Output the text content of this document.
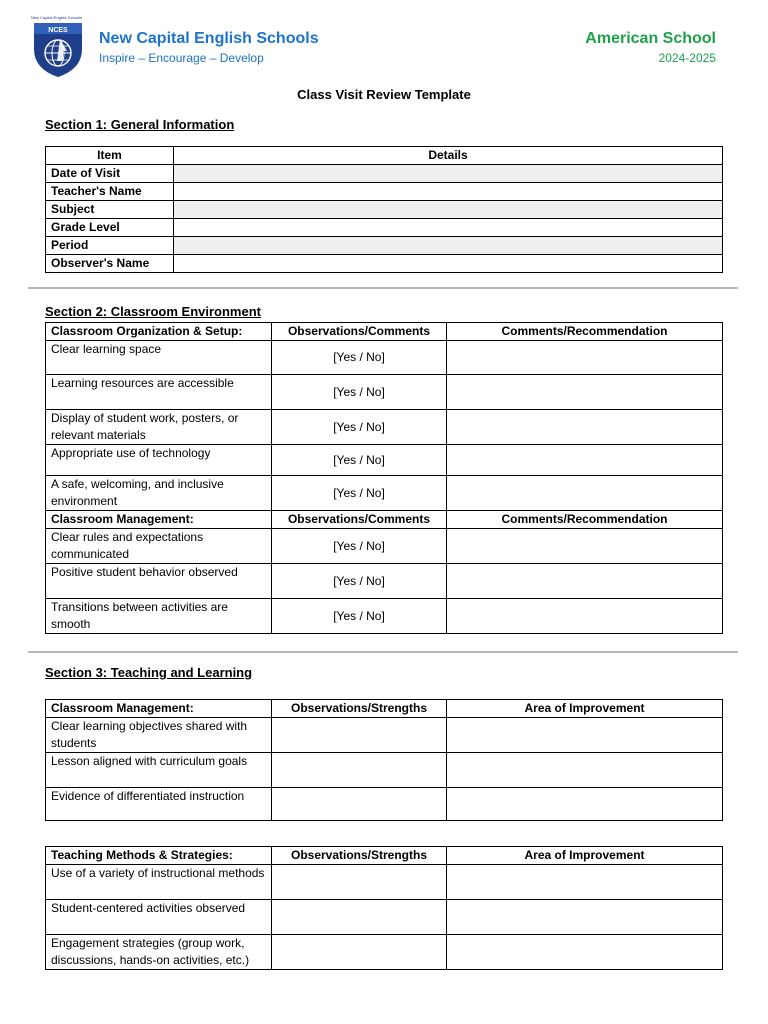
New Capital English Schools
NCES New Capital English Schools
Inspire – Encourage – Develop
American School
2024-2025
Class Visit Review Template
Section 1: General Information
Item	Details
Date of Visit	
Teacher's Name	
Subject	
Grade Level	
Period	
Observer's Name	
Section 2: Classroom Environment
Classroom Organization & Setup:	Observations/Comments	Comments/Recommendation
Clear learning space	[Yes / No]	
Learning resources are accessible	[Yes / No]	
Display of student work, posters, or relevant materials	[Yes / No]	
Appropriate use of technology	[Yes / No]	
A safe, welcoming, and inclusive environment	[Yes / No]	
Classroom Management:	Observations/Comments	Comments/Recommendation
Clear rules and expectations communicated	[Yes / No]	
Positive student behavior observed	[Yes / No]	
Transitions between activities are smooth	[Yes / No]	
Section 3: Teaching and Learning
Classroom Management:	Observations/Strengths	Area of Improvement
Clear learning objectives shared with students		
Lesson aligned with curriculum goals		
Evidence of differentiated instruction		
Teaching Methods & Strategies:	Observations/Strengths	Area of Improvement
Use of a variety of instructional methods		
Student-centered activities observed		
Engagement strategies (group work, discussions, hands-on activities, etc.)		
